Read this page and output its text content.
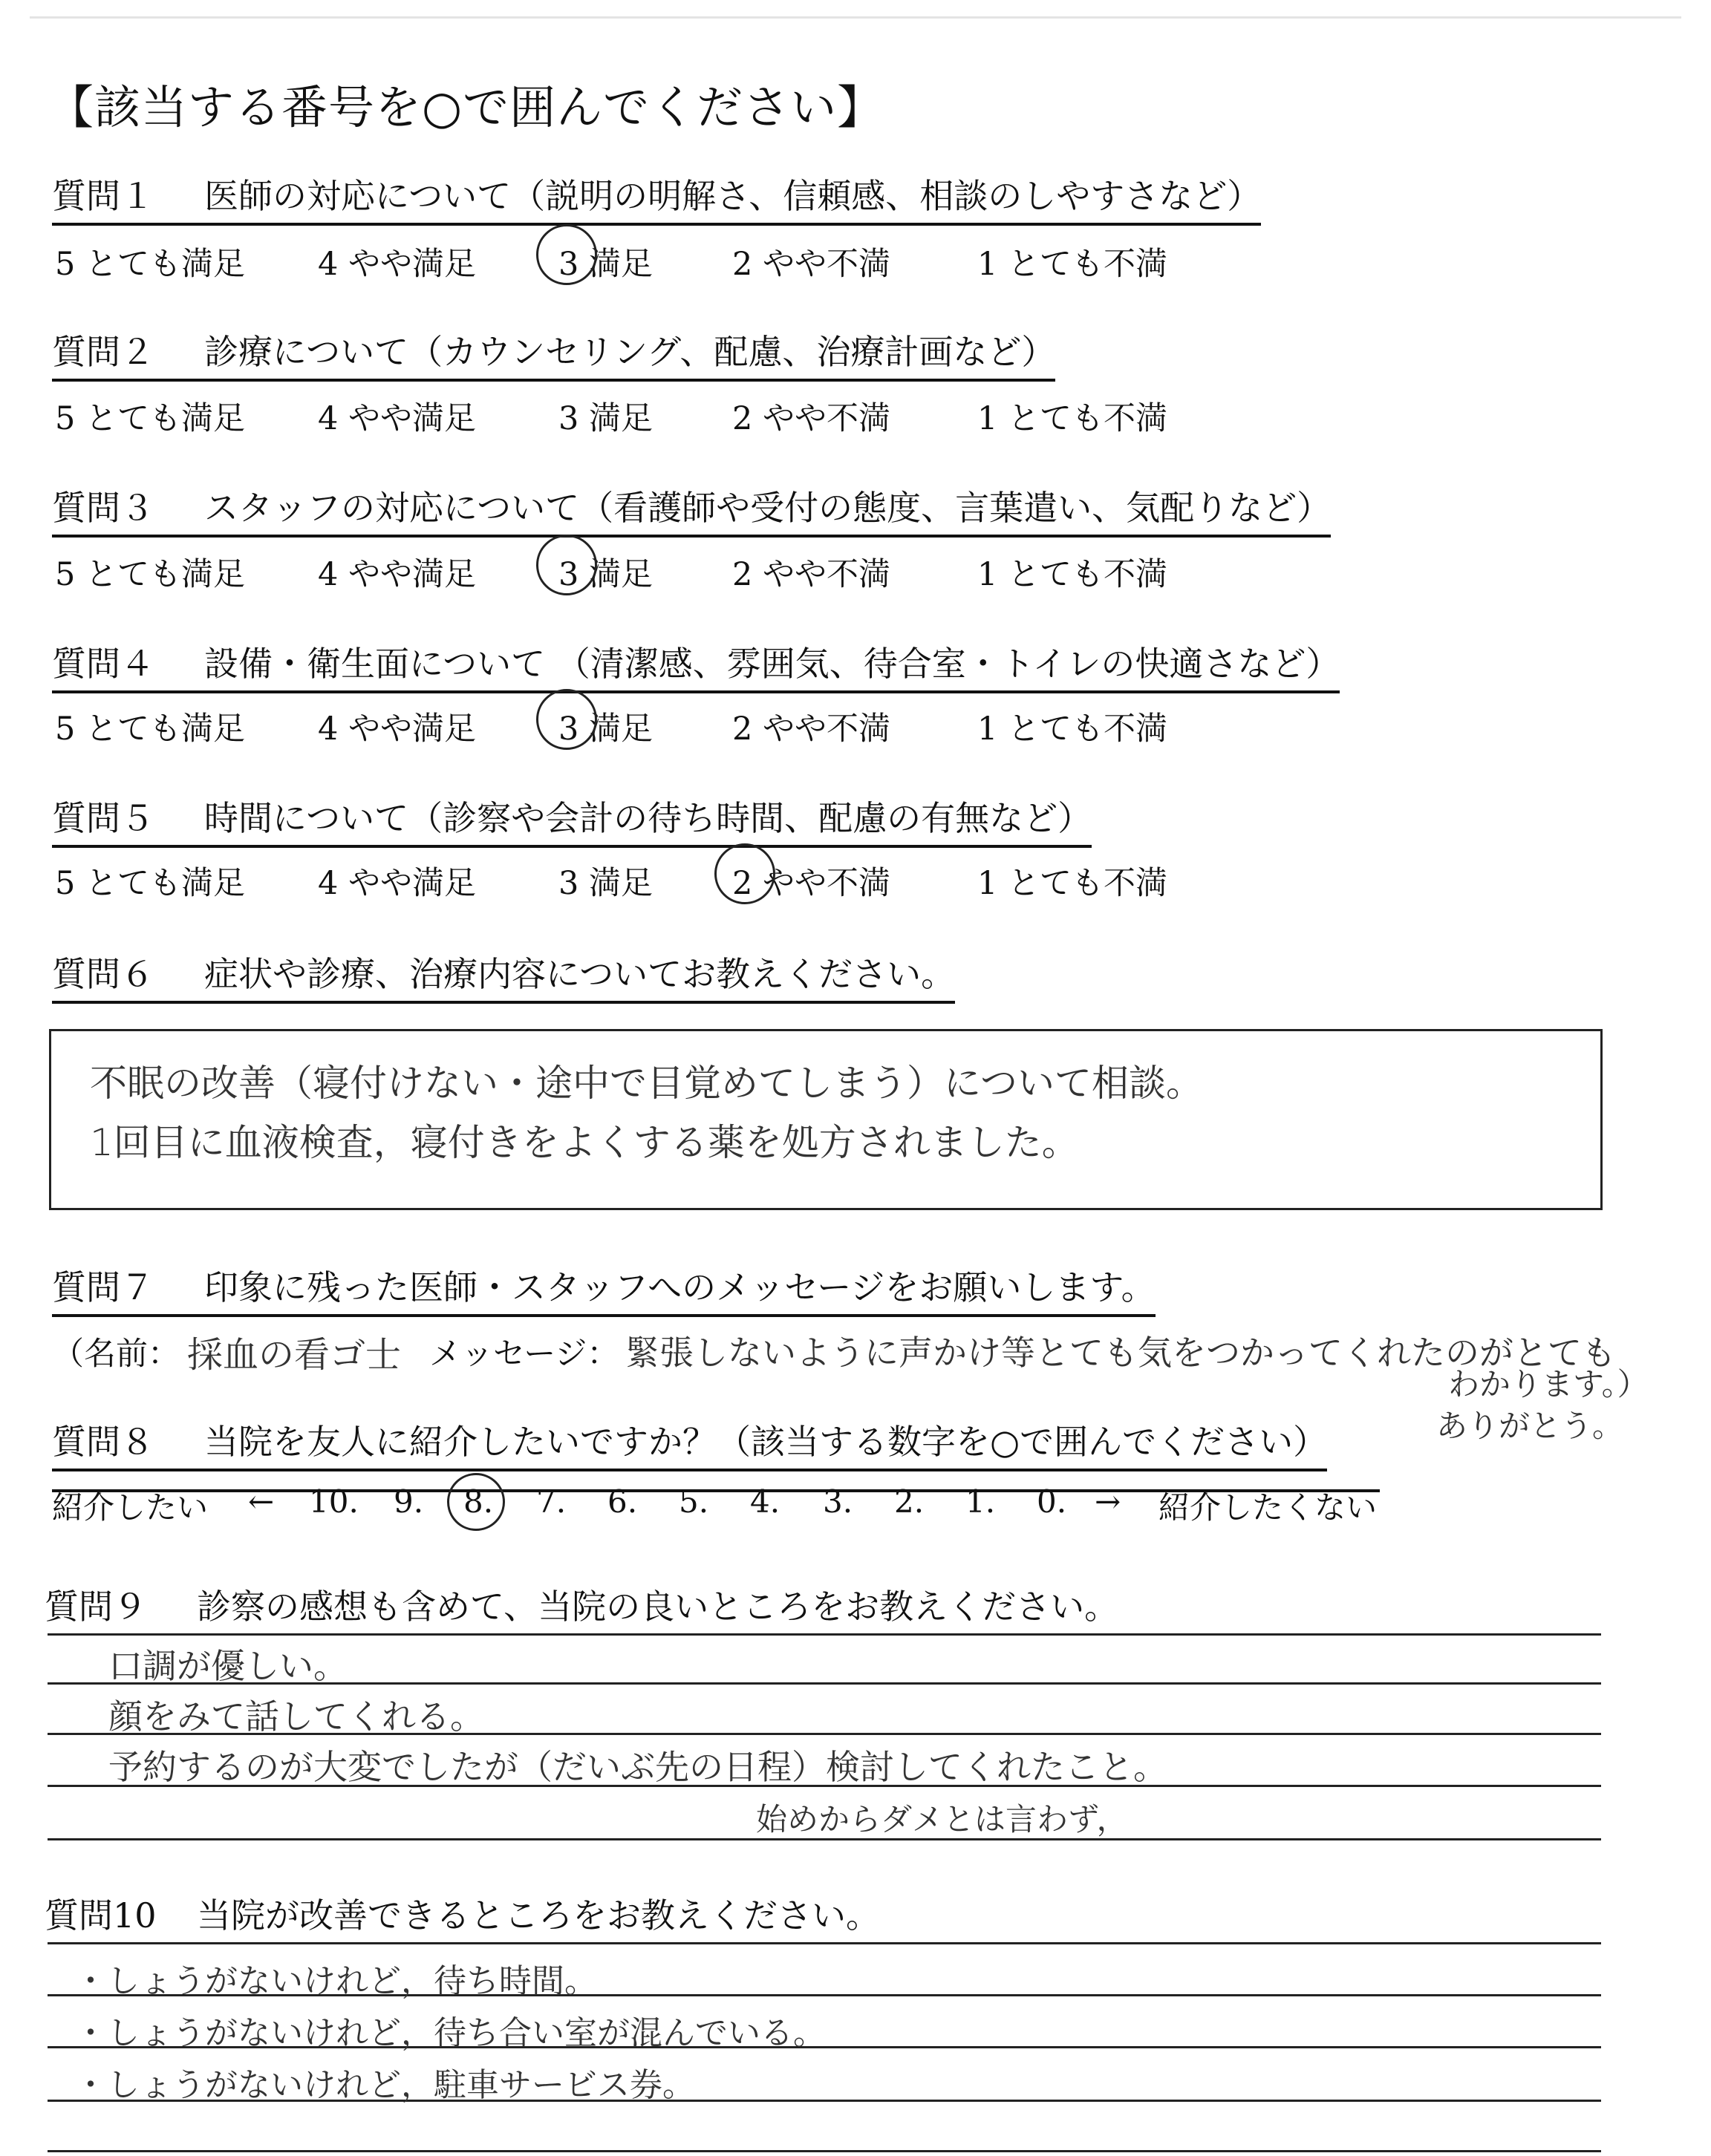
【該当する番号を○で囲んでください】
質問１ 医師の対応について（説明の明解さ、信頼感、相談のしやすさなど）
5 とても満足 4 やや満足	3 満足 2 やや不満	1 とても不満
質問２ 診療について（カウンセリング、配慮、治療計画など）
5 とても満足 4 やや満足	3 満足 2 やや不満	1 とても不満
質問３ スタッフの対応について（看護師や受付の態度、言葉遣い、気配りなど）
5 とても満足 4 やや満足	3 満足 2 やや不満	1 とても不満
質問４ 設備・衛生面について （清潔感、雰囲気、待合室・トイレの快適さなど）
5 とても満足 4 やや満足	3 満足 2 やや不満	1 とても不満
質問５ 時間について（診察や会計の待ち時間、配慮の有無など）
5 とても満足 4 やや満足	3 満足 2 やや不満	1 とても不満
質問６ 症状や診療、治療内容についてお教えください。
不眠の改善（寝付けない・途中で目覚めてしまう）について相談。
1回目に血液検査，寝付きをよくする薬を処方されました。
質問７ 印象に残った医師・スタッフへのメッセージをお願いします。
（名前： 採血の看ゴ士 メッセージ： 緊張しないように声かけ等とても気をつかってくれたのがとても
わかります。）
ありがとう。
質問８ 当院を友人に紹介したいですか？（該当する数字を○で囲んでください）
紹介したい ← 10. 9. 8. 7. 6. 5. 4. 3. 2. 1. 0. → 紹介したくない
質問９ 診察の感想も含めて、当院の良いところをお教えください。
口調が優しい。
顔をみて話してくれる。
予約するのが大変でしたが（だいぶ先の日程）検討してくれたこと。
始めからダメとは言わず，
質問10 当院が改善できるところをお教えください。
・しょうがないけれど，待ち時間。
・しょうがないけれど，待ち合い室が混んでいる。
・しょうがないけれど，駐車サービス券。
